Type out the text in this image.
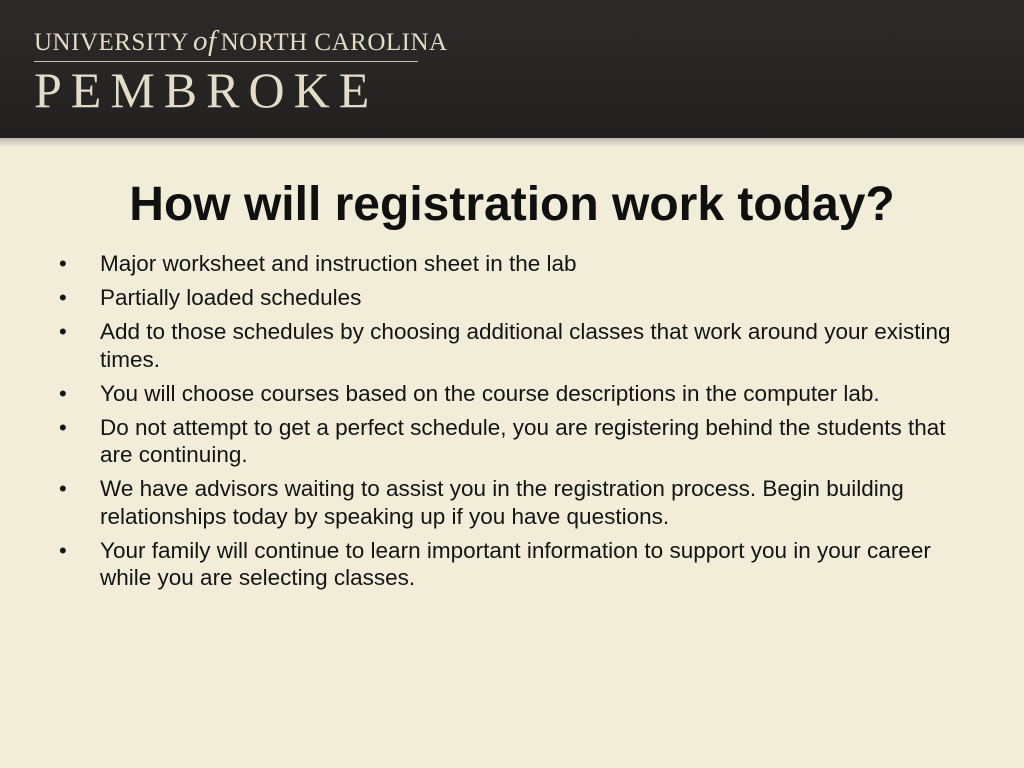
UNIVERSITY of NORTH CAROLINA
PEMBROKE
How will registration work today?
•	Major worksheet and instruction sheet in the lab
•	Partially loaded schedules
•	Add to those schedules by choosing additional classes that work around your existing times.
•	You will choose courses based on the course descriptions in the computer lab.
•	Do not attempt to get a perfect schedule, you are registering behind the students that are continuing.
•	We have advisors waiting to assist you in the registration process. Begin building relationships today by speaking up if you have questions.
•	Your family will continue to learn important information to support you in your career while you are selecting classes.
